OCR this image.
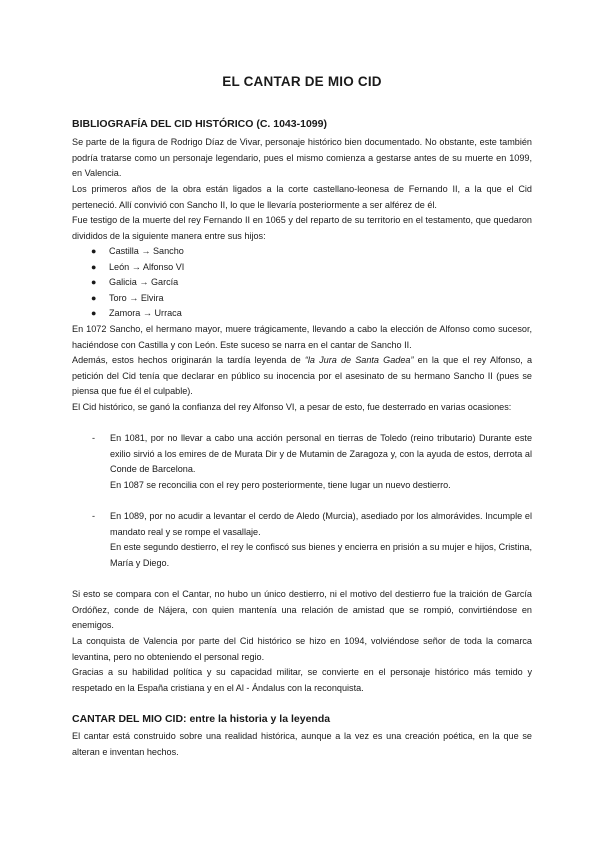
EL CANTAR DE MIO CID
BIBLIOGRAFÍA DEL CID HISTÓRICO (C. 1043-1099)
Se parte de la figura de Rodrigo Díaz de Vivar, personaje histórico bien documentado. No obstante, este también podría tratarse como un personaje legendario, pues el mismo comienza a gestarse antes de su muerte en 1099, en Valencia.
Los primeros años de la obra están ligados a la corte castellano-leonesa de Fernando II, a la que el Cid perteneció. Allí convivió con Sancho II, lo que le llevaría posteriormente a ser alférez de él.
Fue testigo de la muerte del rey Fernando II en 1065 y del reparto de su territorio en el testamento, que quedaron divididos de la siguiente manera entre sus hijos:
● Castilla → Sancho
● León → Alfonso VI
● Galicia → García
● Toro → Elvira
● Zamora → Urraca
En 1072 Sancho, el hermano mayor, muere trágicamente, llevando a cabo la elección de Alfonso como sucesor, haciéndose con Castilla y con León. Este suceso se narra en el cantar de Sancho II.
Además, estos hechos originarán la tardía leyenda de “la Jura de Santa Gadea” en la que el rey Alfonso, a petición del Cid tenía que declarar en público su inocencia por el asesinato de su hermano Sancho II (pues se piensa que fue él el culpable).
El Cid histórico, se ganó la confianza del rey Alfonso VI, a pesar de esto, fue desterrado en varias ocasiones:
- En 1081, por no llevar a cabo una acción personal en tierras de Toledo (reino tributario) Durante este exilio sirvió a los emires de de Murata Dir y de Mutamin de Zaragoza y, con la ayuda de estos, derrota al Conde de Barcelona.
En 1087 se reconcilia con el rey pero posteriormente, tiene lugar un nuevo destierro.
- En 1089, por no acudir a levantar el cerdo de Aledo (Murcia), asediado por los almorávides. Incumple el mandato real y se rompe el vasallaje.
En este segundo destierro, el rey le confiscó sus bienes y encierra en prisión a su mujer e hijos, Cristina, María y Diego.
Si esto se compara con el Cantar, no hubo un único destierro, ni el motivo del destierro fue la traición de García Ordóñez, conde de Nájera, con quien mantenía una relación de amistad que se rompió, convirtiéndose en enemigos.
La conquista de Valencia por parte del Cid histórico se hizo en 1094, volviéndose señor de toda la comarca levantina, pero no obteniendo el personal regio.
Gracias a su habilidad política y su capacidad militar, se convierte en el personaje histórico más temido y respetado en la España cristiana y en el Al - Ándalus con la reconquista.
CANTAR DEL MIO CID: entre la historia y la leyenda
El cantar está construido sobre una realidad histórica, aunque a la vez es una creación poética, en la que se alteran e inventan hechos.
